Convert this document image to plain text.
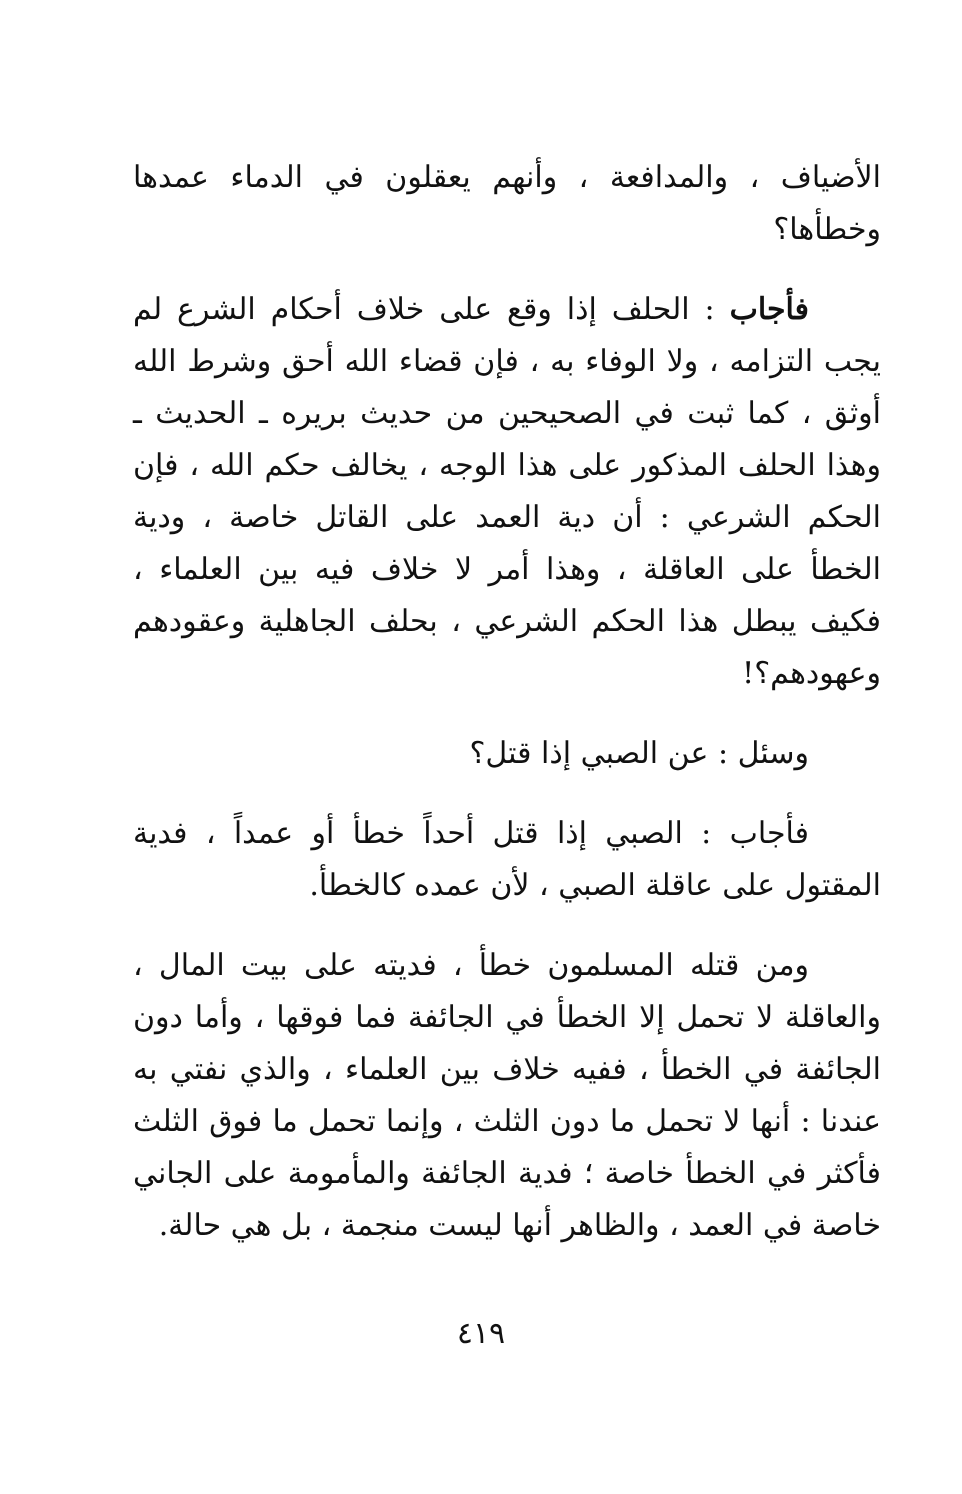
الأضياف ، والمدافعة ، وأنهم يعقلون في الدماء عمدها وخطأها؟

فأجاب : الحلف إذا وقع على خلاف أحكام الشرع لم يجب التزامه ، ولا الوفاء به ، فإن قضاء الله أحق وشرط الله أوثق ، كما ثبت في الصحيحين من حديث بريره ـ الحديث ـ وهذا الحلف المذكور على هذا الوجه ، يخالف حكم الله ، فإن الحكم الشرعي : أن دية العمد على القاتل خاصة ، ودية الخطأ على العاقلة ، وهذا أمر لا خلاف فيه بين العلماء ، فكيف يبطل هذا الحكم الشرعي ، بحلف الجاهلية وعقودهم وعهودهم؟!

وسئل : عن الصبي إذا قتل؟

فأجاب : الصبي إذا قتل أحداً خطأ أو عمداً ، فدية المقتول على عاقلة الصبي ، لأن عمده كالخطأ.

ومن قتله المسلمون خطأ ، فديته على بيت المال ، والعاقلة لا تحمل إلا الخطأ في الجائفة فما فوقها ، وأما دون الجائفة في الخطأ ، ففيه خلاف بين العلماء ، والذي نفتي به عندنا : أنها لا تحمل ما دون الثلث ، وإنما تحمل ما فوق الثلث فأكثر في الخطأ خاصة ؛ فدية الجائفة والمأمومة على الجاني خاصة في العمد ، والظاهر أنها ليست منجمة ، بل هي حالة.

٤١٩
